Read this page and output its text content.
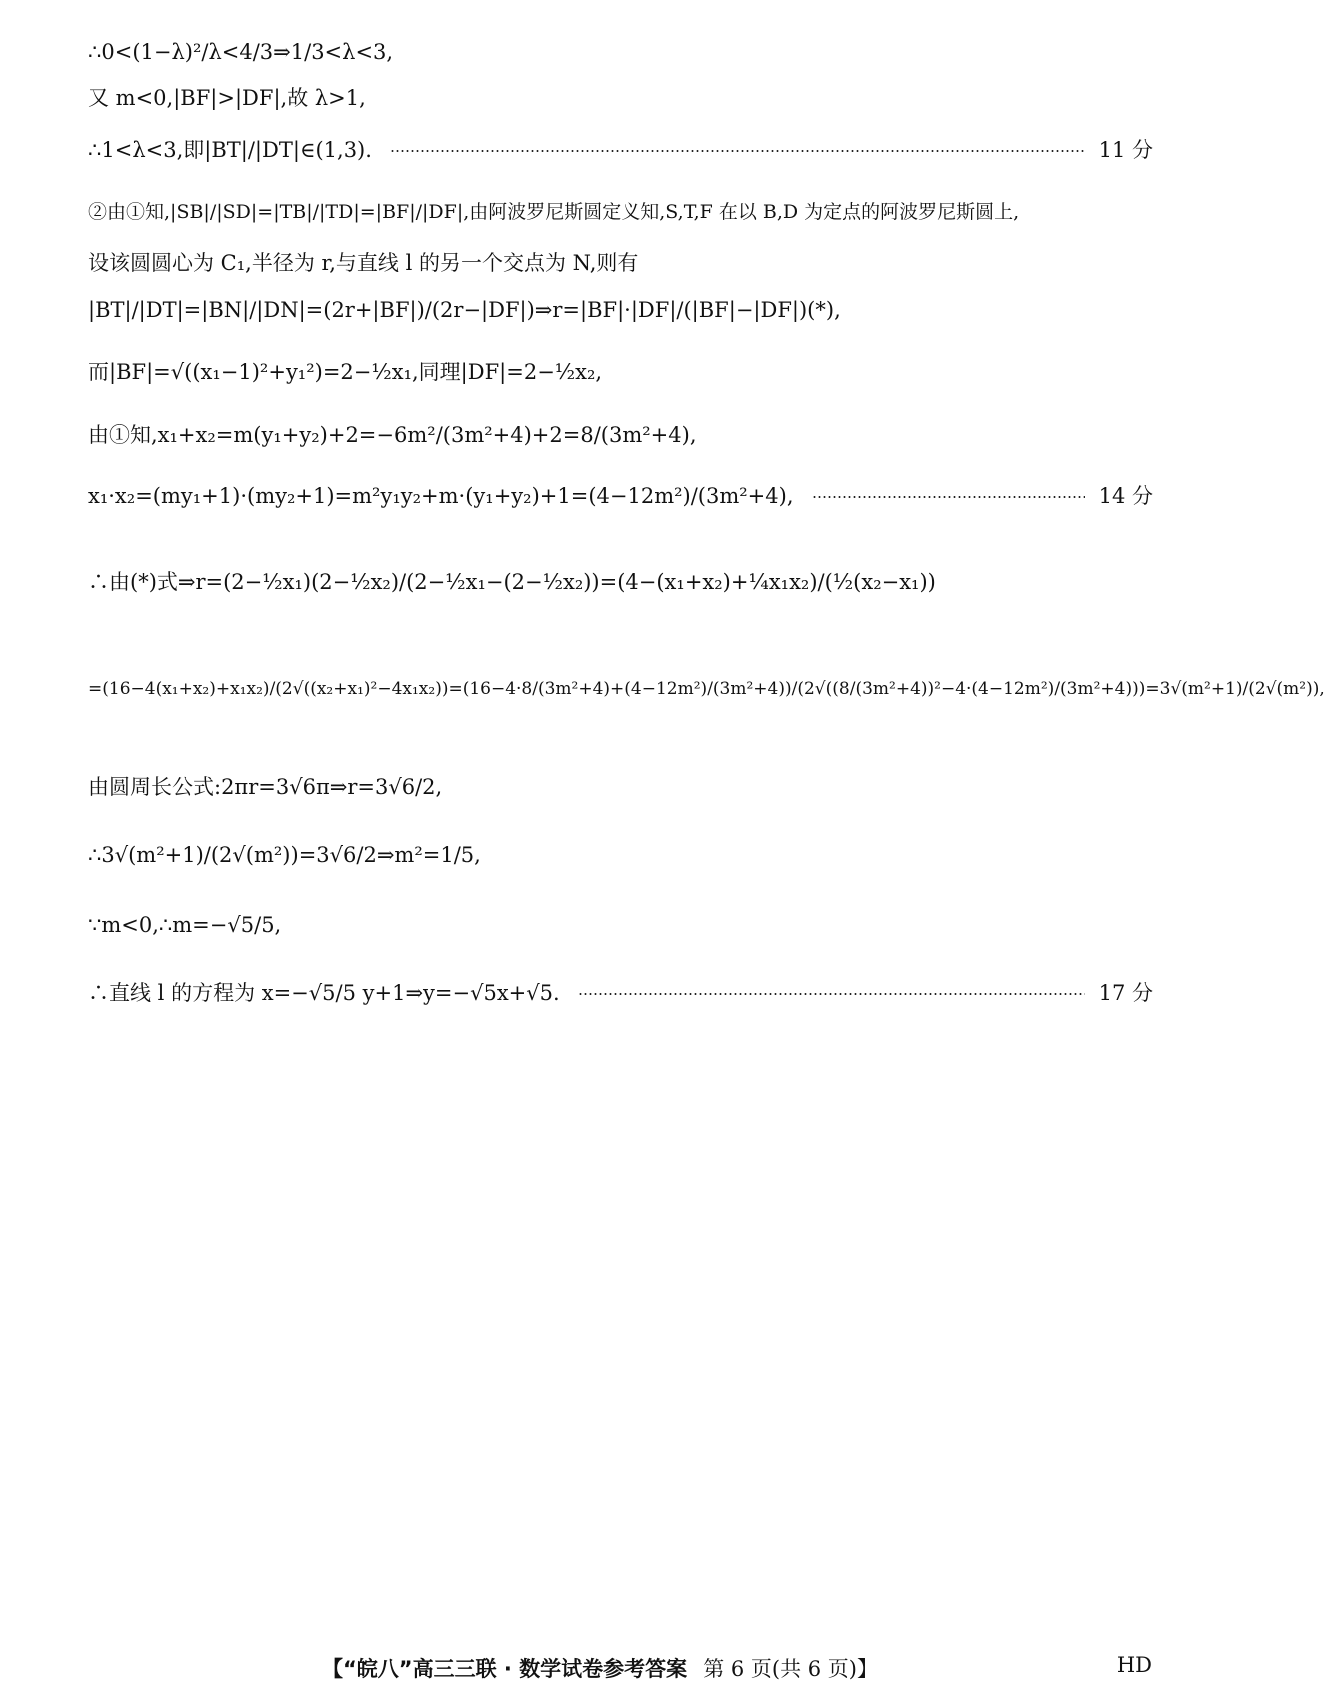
∴0<(1−λ)²/λ<4/3⇒1/3<λ<3,
又 m<0,|BF|>|DF|,故 λ>1,
∴1<λ<3,即|BT|/|DT|∈(1,3).	11 分
②由①知,|SB|/|SD|=|TB|/|TD|=|BF|/|DF|,由阿波罗尼斯圆定义知,S,T,F 在以 B,D 为定点的阿波罗尼斯圆上,
设该圆圆心为 C₁,半径为 r,与直线 l 的另一个交点为 N,则有
|BT|/|DT|=|BN|/|DN|=(2r+|BF|)/(2r−|DF|)⇒r=|BF|·|DF|/(|BF|−|DF|)(*),
而|BF|=√((x₁−1)²+y₁²)=2−½x₁,同理|DF|=2−½x₂,
由①知,x₁+x₂=m(y₁+y₂)+2=−6m²/(3m²+4)+2=8/(3m²+4),
x₁·x₂=(my₁+1)·(my₂+1)=m²y₁y₂+m·(y₁+y₂)+1=(4−12m²)/(3m²+4),	14 分
∴由(*)式⇒r=(2−½x₁)(2−½x₂)/(2−½x₁−(2−½x₂))=(4−(x₁+x₂)+¼x₁x₂)/(½(x₂−x₁))
=(16−4(x₁+x₂)+x₁x₂)/(2√((x₂+x₁)²−4x₁x₂))=(16−4·8/(3m²+4)+(4−12m²)/(3m²+4))/(2√((8/(3m²+4))²−4·(4−12m²)/(3m²+4)))=3√(m²+1)/(2√(m²)),
由圆周长公式:2πr=3√6π⇒r=3√6/2,
∴3√(m²+1)/(2√(m²))=3√6/2⇒m²=1/5,
∵m<0,∴m=−√5/5,
∴直线 l 的方程为 x=−√5/5 y+1⇒y=−√5x+√5.	17 分
【“皖八”高三三联 · 数学试卷参考答案 第 6 页(共 6 页)】	HD
